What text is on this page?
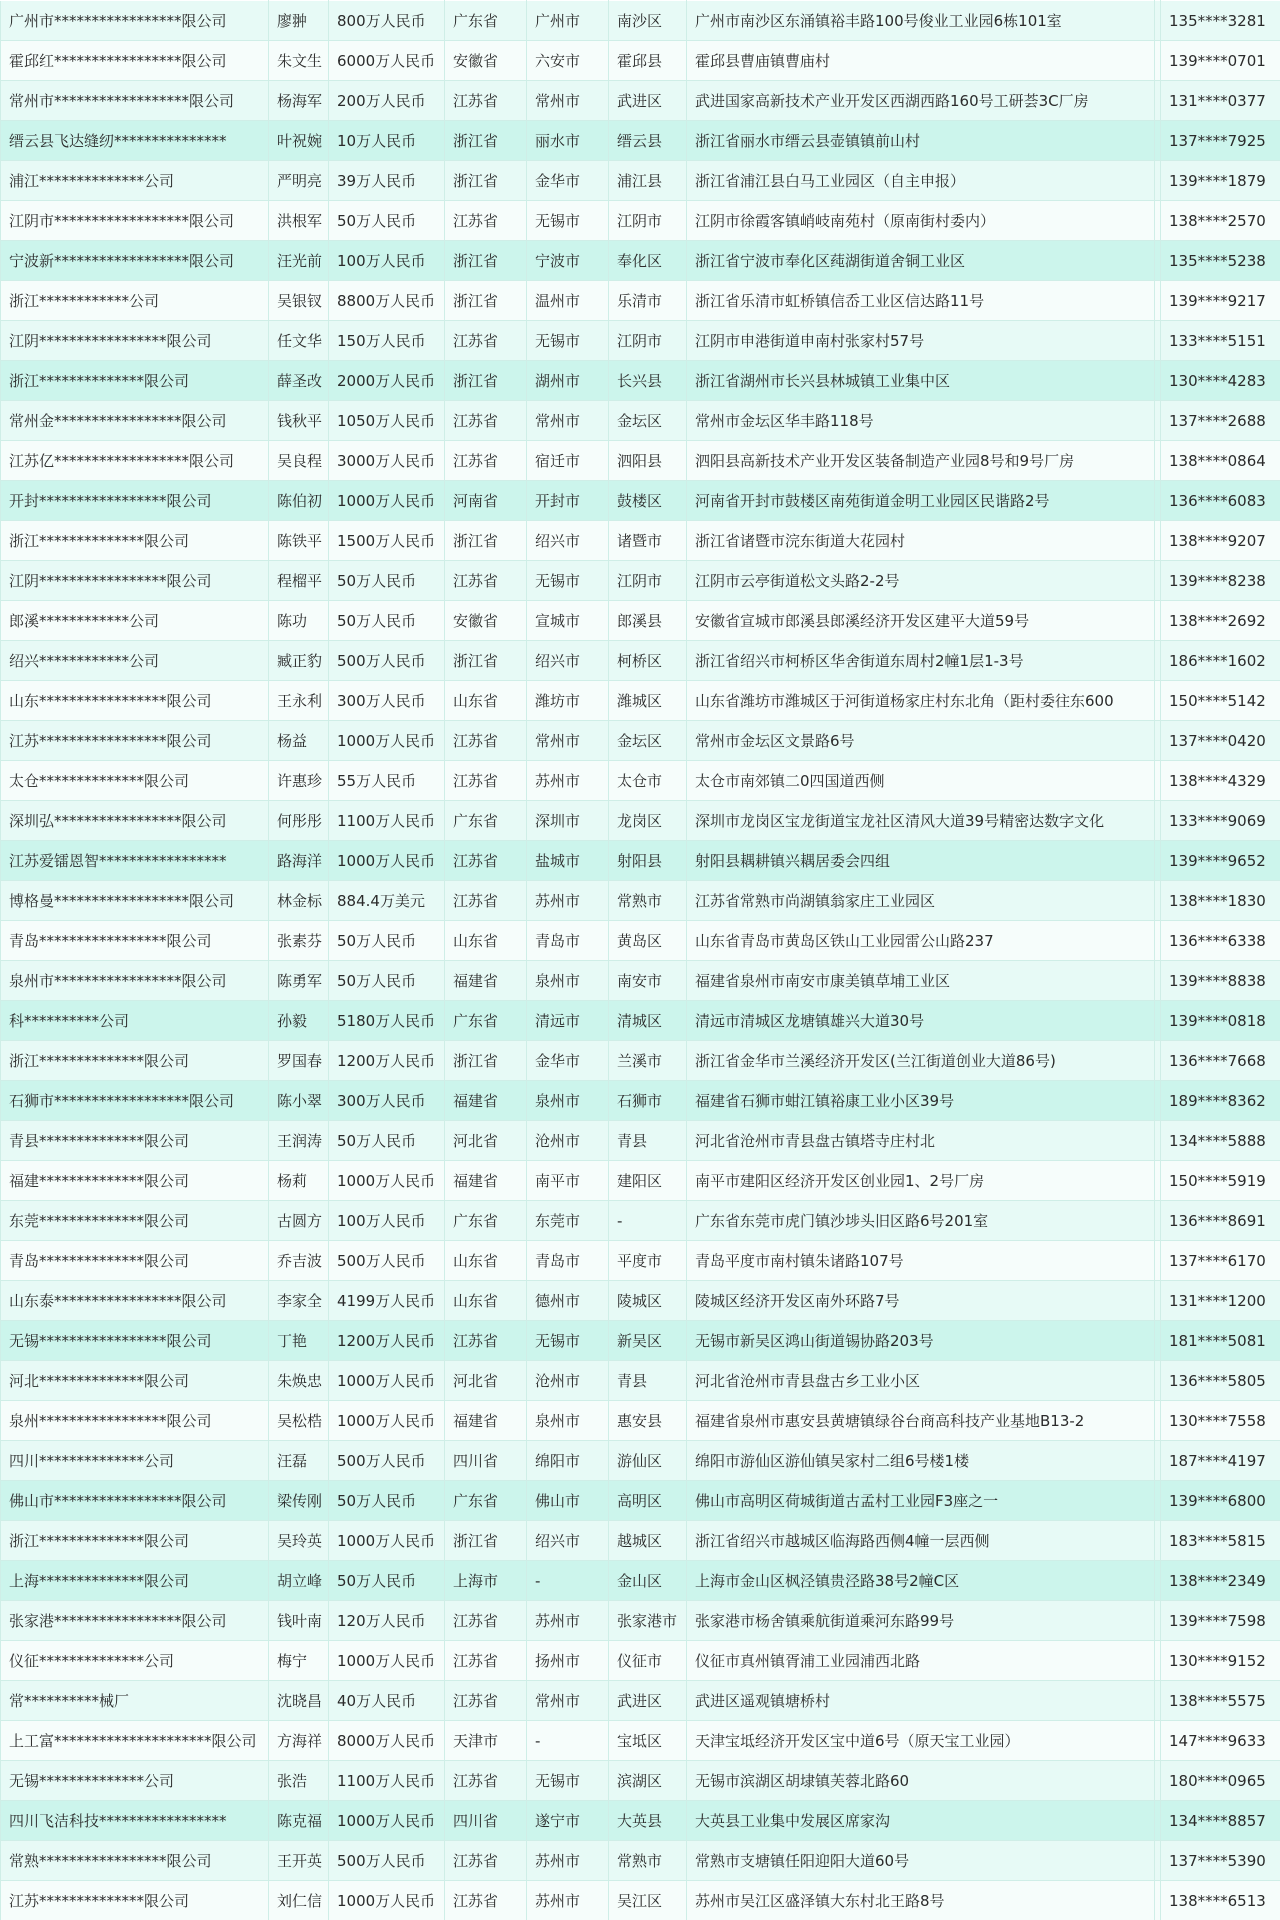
广州市*****************限公司	廖翀	800万人民币	广东省	广州市	南沙区	广州市南沙区东涌镇裕丰路100号俊业工业园6栋101室		135****3281
霍邱红*****************限公司	朱文生	6000万人民币	安徽省	六安市	霍邱县	霍邱县曹庙镇曹庙村		139****0701
常州市******************限公司	杨海军	200万人民币	江苏省	常州市	武进区	武进国家高新技术产业开发区西湖西路160号工研荟3C厂房		131****0377
缙云县飞达缝纫***************	叶祝婉	10万人民币	浙江省	丽水市	缙云县	浙江省丽水市缙云县壶镇镇前山村		137****7925
浦江**************公司	严明亮	39万人民币	浙江省	金华市	浦江县	浙江省浦江县白马工业园区（自主申报）		139****1879
江阴市******************限公司	洪根军	50万人民币	江苏省	无锡市	江阴市	江阴市徐霞客镇峭岐南苑村（原南街村委内）		138****2570
宁波新******************限公司	汪光前	100万人民币	浙江省	宁波市	奉化区	浙江省宁波市奉化区莼湖街道舍铜工业区		135****5238
浙江************公司	吴银钗	8800万人民币	浙江省	温州市	乐清市	浙江省乐清市虹桥镇信岙工业区信达路11号		139****9217
江阴*****************限公司	任文华	150万人民币	江苏省	无锡市	江阴市	江阴市申港街道申南村张家村57号		133****5151
浙江**************限公司	薛圣改	2000万人民币	浙江省	湖州市	长兴县	浙江省湖州市长兴县林城镇工业集中区		130****4283
常州金*****************限公司	钱秋平	1050万人民币	江苏省	常州市	金坛区	常州市金坛区华丰路118号		137****2688
江苏亿******************限公司	吴良程	3000万人民币	江苏省	宿迁市	泗阳县	泗阳县高新技术产业开发区装备制造产业园8号和9号厂房		138****0864
开封*****************限公司	陈伯初	1000万人民币	河南省	开封市	鼓楼区	河南省开封市鼓楼区南苑街道金明工业园区民谐路2号		136****6083
浙江**************限公司	陈铁平	1500万人民币	浙江省	绍兴市	诸暨市	浙江省诸暨市浣东街道大花园村		138****9207
江阴*****************限公司	程榴平	50万人民币	江苏省	无锡市	江阴市	江阴市云亭街道松文头路2-2号		139****8238
郎溪************公司	陈功	50万人民币	安徽省	宣城市	郎溪县	安徽省宣城市郎溪县郎溪经济开发区建平大道59号		138****2692
绍兴************公司	臧正豹	500万人民币	浙江省	绍兴市	柯桥区	浙江省绍兴市柯桥区华舍街道东周村2幢1层1-3号		186****1602
山东*****************限公司	王永利	300万人民币	山东省	潍坊市	潍城区	山东省潍坊市潍城区于河街道杨家庄村东北角（距村委往东600		150****5142
江苏*****************限公司	杨益	1000万人民币	江苏省	常州市	金坛区	常州市金坛区文景路6号		137****0420
太仓**************限公司	许惠珍	55万人民币	江苏省	苏州市	太仓市	太仓市南郊镇二0四国道西侧		138****4329
深圳弘*****************限公司	何彤彤	1100万人民币	广东省	深圳市	龙岗区	深圳市龙岗区宝龙街道宝龙社区清风大道39号精密达数字文化		133****9069
江苏爱镭恩智*****************	路海洋	1000万人民币	江苏省	盐城市	射阳县	射阳县耦耕镇兴耦居委会四组		139****9652
博格曼******************限公司	林金标	884.4万美元	江苏省	苏州市	常熟市	江苏省常熟市尚湖镇翁家庄工业园区		138****1830
青岛*****************限公司	张素芬	50万人民币	山东省	青岛市	黄岛区	山东省青岛市黄岛区铁山工业园雷公山路237		136****6338
泉州市*****************限公司	陈勇军	50万人民币	福建省	泉州市	南安市	福建省泉州市南安市康美镇草埔工业区		139****8838
科**********公司	孙毅	5180万人民币	广东省	清远市	清城区	清远市清城区龙塘镇雄兴大道30号		139****0818
浙江**************限公司	罗国春	1200万人民币	浙江省	金华市	兰溪市	浙江省金华市兰溪经济开发区(兰江街道创业大道86号)		136****7668
石狮市******************限公司	陈小翠	300万人民币	福建省	泉州市	石狮市	福建省石狮市蚶江镇裕康工业小区39号		189****8362
青县**************限公司	王润涛	50万人民币	河北省	沧州市	青县	河北省沧州市青县盘古镇塔寺庄村北		134****5888
福建**************限公司	杨莉	1000万人民币	福建省	南平市	建阳区	南平市建阳区经济开发区创业园1、2号厂房		150****5919
东莞**************限公司	古圆方	100万人民币	广东省	东莞市	-	广东省东莞市虎门镇沙埗头旧区路6号201室		136****8691
青岛**************限公司	乔吉波	500万人民币	山东省	青岛市	平度市	青岛平度市南村镇朱诸路107号		137****6170
山东泰*****************限公司	李家全	4199万人民币	山东省	德州市	陵城区	陵城区经济开发区南外环路7号		131****1200
无锡*****************限公司	丁艳	1200万人民币	江苏省	无锡市	新吴区	无锡市新吴区鸿山街道锡协路203号		181****5081
河北**************限公司	朱焕忠	1000万人民币	河北省	沧州市	青县	河北省沧州市青县盘古乡工业小区		136****5805
泉州*****************限公司	吴松梏	1000万人民币	福建省	泉州市	惠安县	福建省泉州市惠安县黄塘镇绿谷台商高科技产业基地B13-2		130****7558
四川**************公司	汪磊	500万人民币	四川省	绵阳市	游仙区	绵阳市游仙区游仙镇吴家村二组6号楼1楼		187****4197
佛山市*****************限公司	梁传刚	50万人民币	广东省	佛山市	高明区	佛山市高明区荷城街道古孟村工业园F3座之一		139****6800
浙江**************限公司	吴玲英	1000万人民币	浙江省	绍兴市	越城区	浙江省绍兴市越城区临海路西侧4幢一层西侧		183****5815
上海**************限公司	胡立峰	50万人民币	上海市	-	金山区	上海市金山区枫泾镇贵泾路38号2幢C区		138****2349
张家港*****************限公司	钱叶南	120万人民币	江苏省	苏州市	张家港市	张家港市杨舍镇乘航街道乘河东路99号		139****7598
仪征**************公司	梅宁	1000万人民币	江苏省	扬州市	仪征市	仪征市真州镇胥浦工业园浦西北路		130****9152
常**********械厂	沈晓昌	40万人民币	江苏省	常州市	武进区	武进区遥观镇塘桥村		138****5575
上工富*********************限公司	方海祥	8000万人民币	天津市	-	宝坻区	天津宝坻经济开发区宝中道6号（原天宝工业园）		147****9633
无锡**************公司	张浩	1100万人民币	江苏省	无锡市	滨湖区	无锡市滨湖区胡埭镇芙蓉北路60		180****0965
四川飞洁科技*****************	陈克福	1000万人民币	四川省	遂宁市	大英县	大英县工业集中发展区席家沟		134****8857
常熟*****************限公司	王开英	500万人民币	江苏省	苏州市	常熟市	常熟市支塘镇任阳迎阳大道60号		137****5390
江苏**************限公司	刘仁信	1000万人民币	江苏省	苏州市	吴江区	苏州市吴江区盛泽镇大东村北王路8号		138****6513
